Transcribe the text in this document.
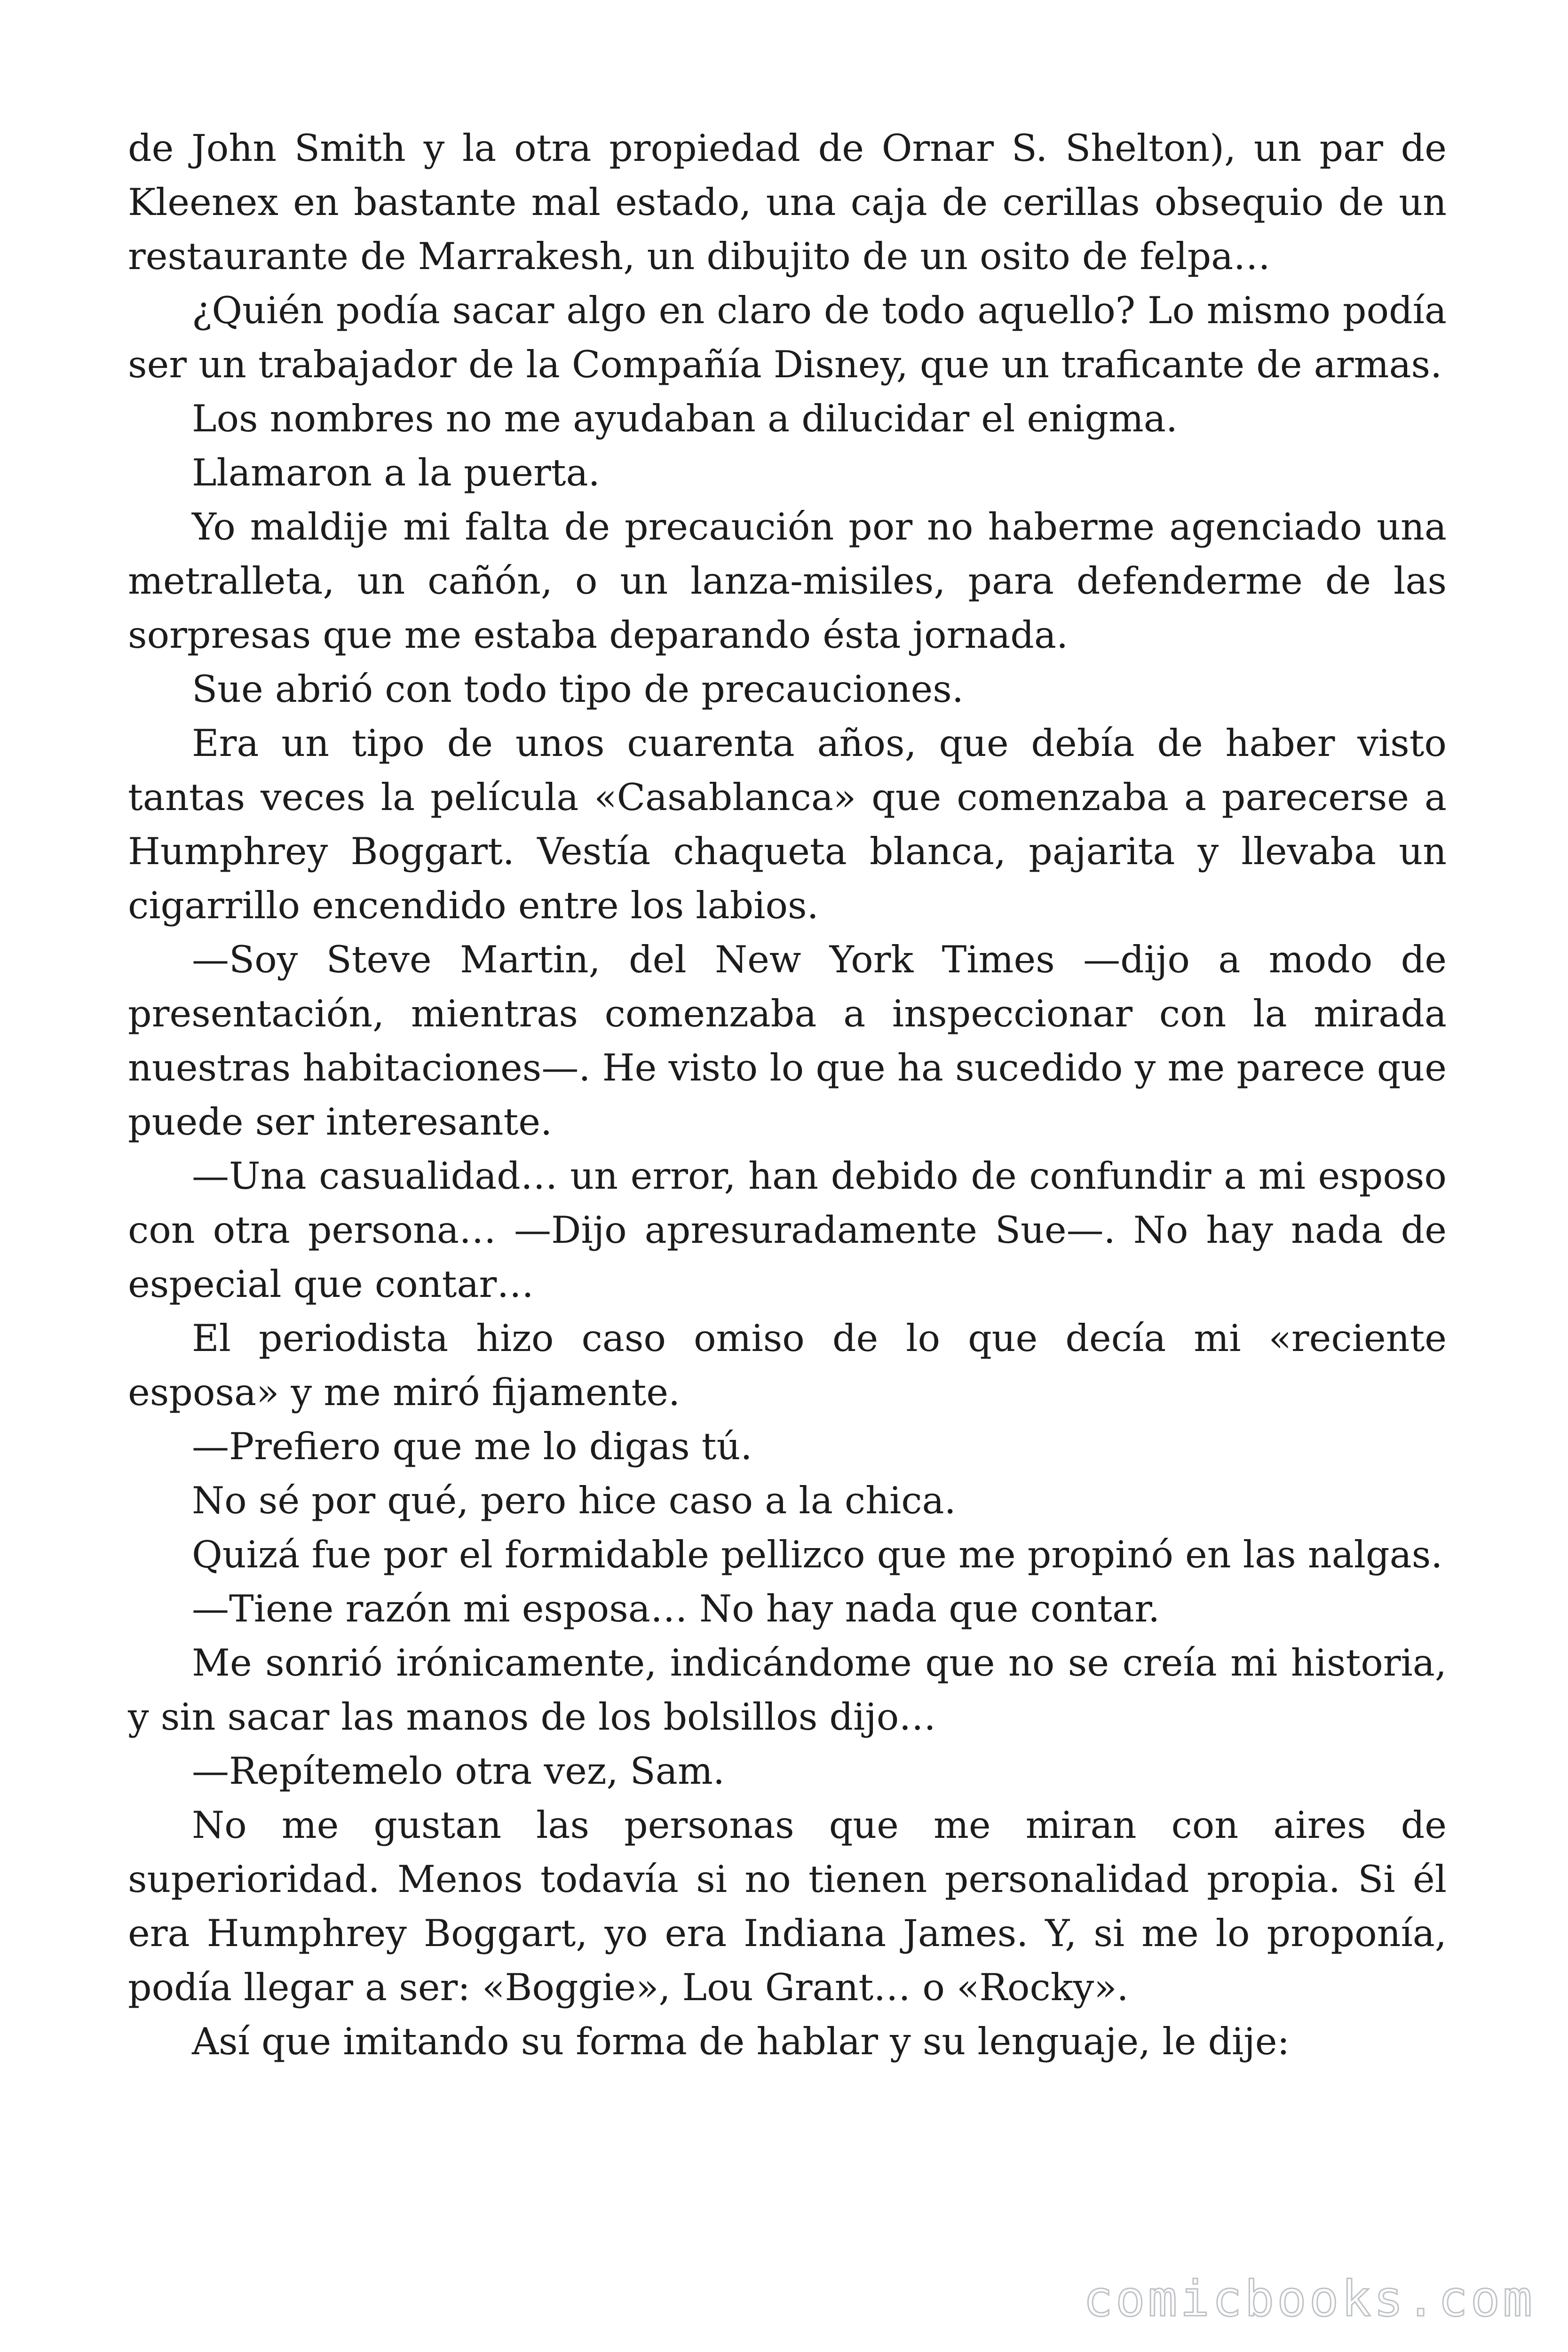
de John Smith y la otra propiedad de Ornar S. Shelton), un par de Kleenex en bastante mal estado, una caja de cerillas obsequio de un restaurante de Marrakesh, un dibujito de un osito de felpa…

¿Quién podía sacar algo en claro de todo aquello? Lo mismo podía ser un trabajador de la Compañía Disney, que un traficante de armas.

Los nombres no me ayudaban a dilucidar el enigma.

Llamaron a la puerta.

Yo maldije mi falta de precaución por no haberme agenciado una metralleta, un cañón, o un lanza-misiles, para defenderme de las sorpresas que me estaba deparando ésta jornada.

Sue abrió con todo tipo de precauciones.

Era un tipo de unos cuarenta años, que debía de haber visto tantas veces la película «Casablanca» que comenzaba a parecerse a Humphrey Boggart. Vestía chaqueta blanca, pajarita y llevaba un cigarrillo encendido entre los labios.

—Soy Steve Martin, del New York Times —dijo a modo de presentación, mientras comenzaba a inspeccionar con la mirada nuestras habitaciones—. He visto lo que ha sucedido y me parece que puede ser interesante.

—Una casualidad… un error, han debido de confundir a mi esposo con otra persona… —Dijo apresuradamente Sue—. No hay nada de especial que contar…

El periodista hizo caso omiso de lo que decía mi «reciente esposa» y me miró fijamente.

—Prefiero que me lo digas tú.

No sé por qué, pero hice caso a la chica.

Quizá fue por el formidable pellizco que me propinó en las nalgas.

—Tiene razón mi esposa… No hay nada que contar.

Me sonrió irónicamente, indicándome que no se creía mi historia, y sin sacar las manos de los bolsillos dijo…

—Repítemelo otra vez, Sam.

No me gustan las personas que me miran con aires de superioridad. Menos todavía si no tienen personalidad propia. Si él era Humphrey Boggart, yo era Indiana James. Y, si me lo proponía, podía llegar a ser: «Boggie», Lou Grant… o «Rocky».

Así que imitando su forma de hablar y su lenguaje, le dije:

comicbooks.com
